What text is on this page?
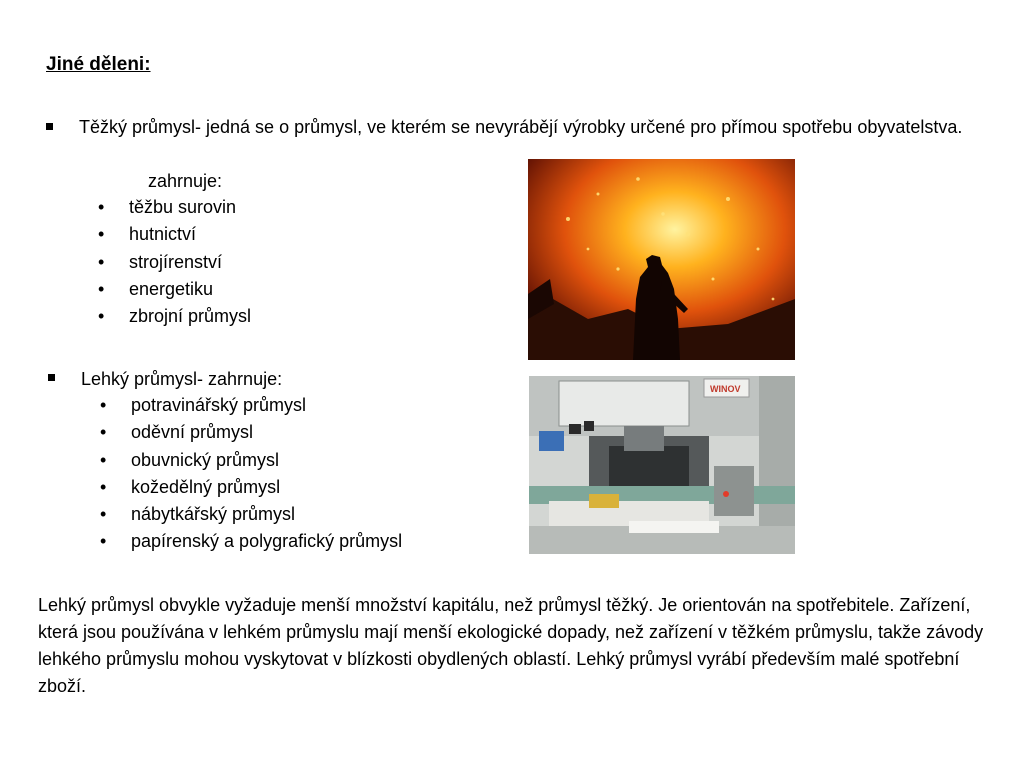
Jiné děleni:
Těžký průmysl- jedná se o průmysl, ve kterém se nevyrábějí výrobky určené pro přímou spotřebu obyvatelstva.
zahrnuje:
• těžbu surovin
• hutnictví
• strojírenství
• energetiku
• zbrojní průmysl
Lehký průmysl- zahrnuje:
• potravinářský průmysl
• oděvní průmysl
• obuvnický průmysl
• kožedělný průmysl
• nábytkářský průmysl
• papírenský a polygrafický průmysl
WINOV

Lehký průmysl obvykle vyžaduje menší množství kapitálu, než průmysl těžký. Je orientován na spotřebitele. Zařízení, která jsou používána v lehkém průmyslu mají menší ekologické dopady, než zařízení v těžkém průmyslu, takže závody lehkého průmyslu mohou vyskytovat v blízkosti obydlených oblastí. Lehký průmysl vyrábí především malé spotřební zboží.
